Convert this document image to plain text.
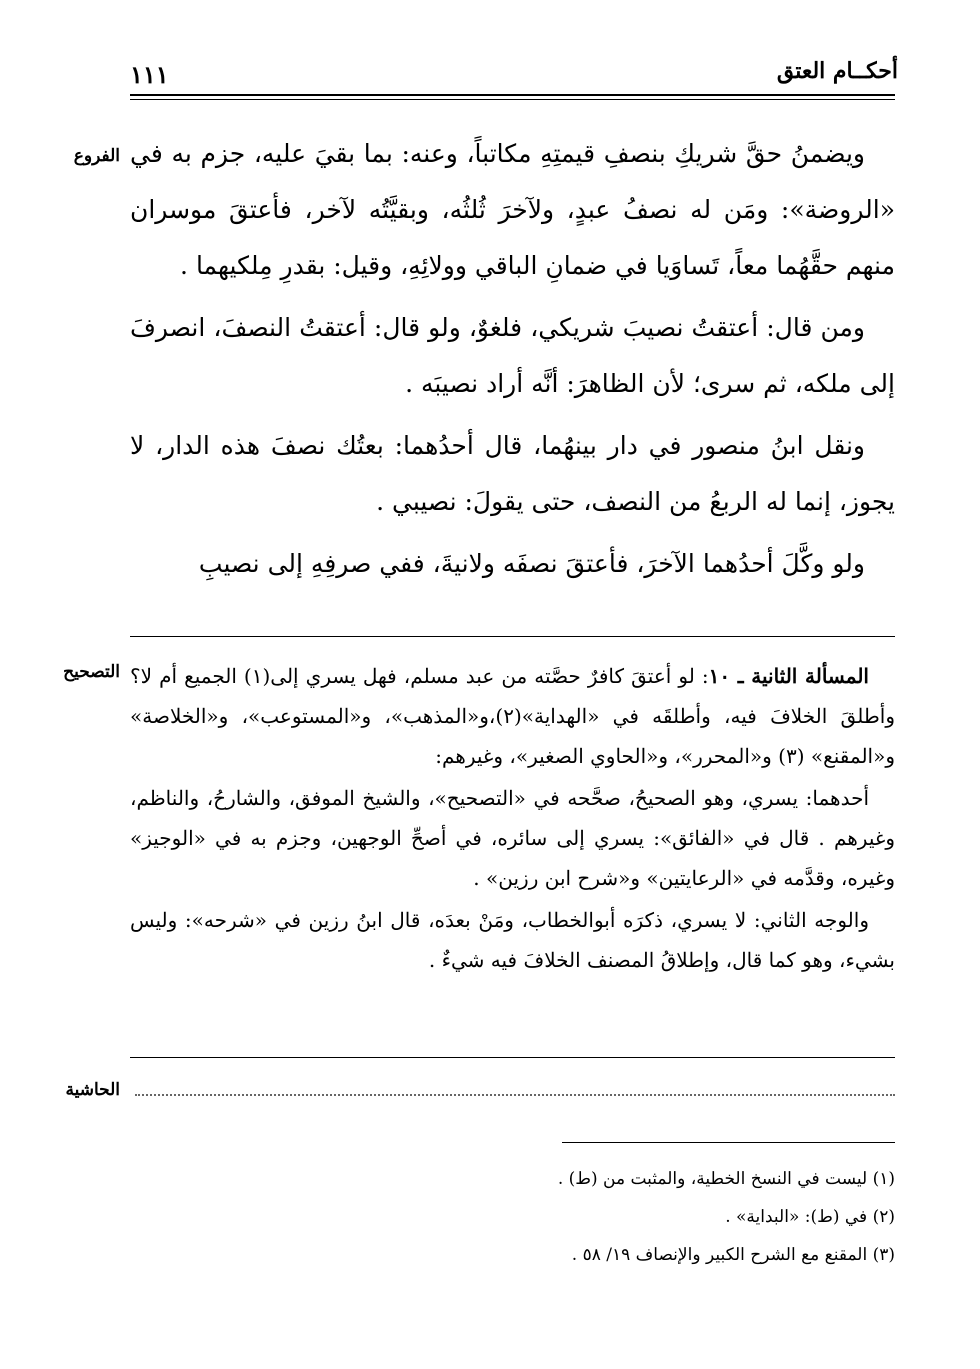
أحكــام العتق
١١١
الفروع ويضمنُ حقَّ شريكِ بنصفِ قيمتِهِ مكاتباً، وعنه: بما بقيَ عليه، جزم به في «الروضة»: ومَن له نصفُ عبدٍ، ولآخرَ ثُلثُه، وبقيَّتُه لآخر، فأعتقَ موسران منهم حقَّهُما معاً، تَساوَيا في ضمانِ الباقي وولائِهِ، وقيل: بقدرِ مِلكيهما .

ومن قال: أعتقتُ نصيبَ شريكي، فلغوٌ، ولو قال: أعتقتُ النصفَ، انصرفَ إلى ملكه، ثم سرى؛ لأن الظاهرَ: أنَّه أراد نصيبَه .

ونقل ابنُ منصور في دار بينهُما، قال أحدُهما: بعتُك نصفَ هذه الدار، لا يجوز، إنما له الربعُ من النصف، حتى يقولَ: نصيبي .

ولو وكَّلَ أحدُهما الآخرَ، فأعتقَ نصفَه ولانيةَ، ففي صرفِهِ إلى نصيبِ

التصحيح	المسألة الثانية ـ ١٠: لو أعتقَ كافرٌ حصَّته من عبد مسلم، فهل يسري إلى(١) الجميع أم لا؟ وأطلقَ الخلافَ فيه، وأطلقَه في «الهداية»(٢)،و«المذهب»، و«المستوعب»، و«الخلاصة» و«المقنع» (٣) و«المحرر»، و«الحاوي الصغير»، وغيرهم:

أحدهما: يسري، وهو الصحيحُ، صحَّحه في «التصحيح»، والشيخ الموفق، والشارحُ، والناظم، وغيرهم . قال في «الفائق»: يسري إلى سائره، في أصحِّ الوجهين، وجزم به في «الوجيز» وغيره، وقدَّمه في «الرعايتين» و«شرح ابن رزين» .

والوجه الثاني: لا يسري، ذكرَه أبوالخطاب، ومَنْ بعدَه، قال ابنُ رزين في «شرحه»: وليس بشيء، وهو كما قال، وإطلاقُ المصنف الخلافَ فيه شيءٌ .

الحاشية
(١) ليست في النسخ الخطية، والمثبت من (ط) .
(٢) في (ط): «البداية» .
(٣) المقنع مع الشرح الكبير والإنصاف ١٩/ ٥٨ .
